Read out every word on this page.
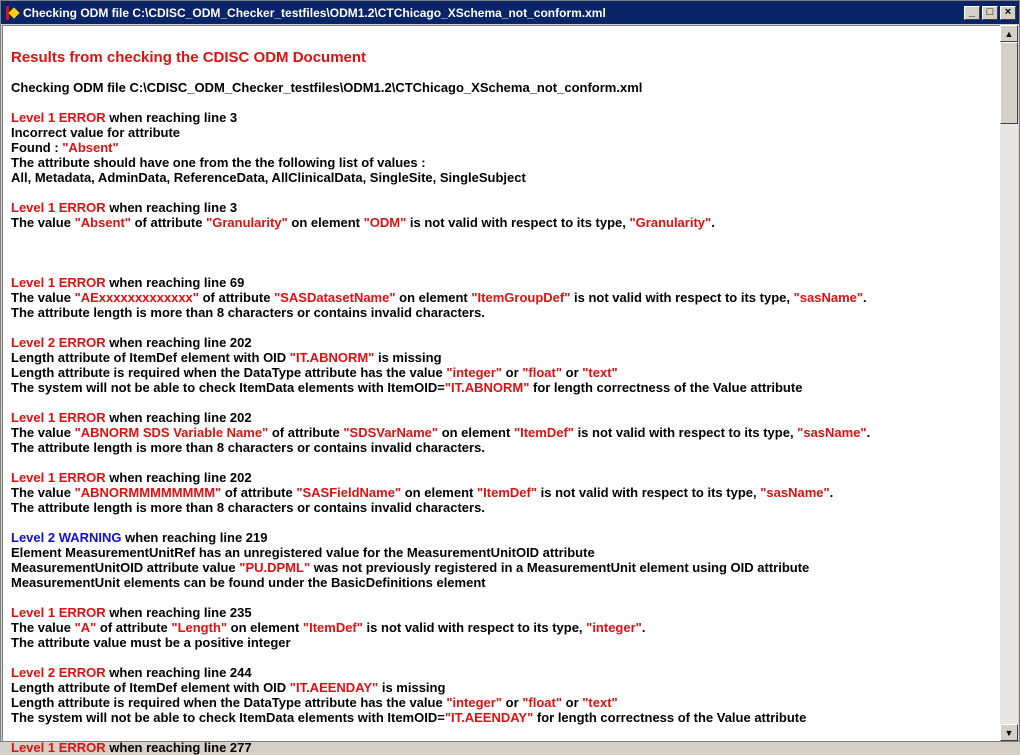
Checking ODM file C:\CDISC_ODM_Checker_testfiles\ODM1.2\CTChicago_XSchema_not_conform.xml	_	□	×
Results from checking the CDISC ODM Document
Checking ODM file C:\CDISC_ODM_Checker_testfiles\ODM1.2\CTChicago_XSchema_not_conform.xml
Level 1 ERROR when reaching line 3
Incorrect value for attribute
Found : "Absent"
The attribute should have one from the the following list of values :
All, Metadata, AdminData, ReferenceData, AllClinicalData, SingleSite, SingleSubject
Level 1 ERROR when reaching line 3
The value "Absent" of attribute "Granularity" on element "ODM" is not valid with respect to its type, "Granularity".
Level 1 ERROR when reaching line 69
The value "AExxxxxxxxxxxxx" of attribute "SASDatasetName" on element "ItemGroupDef" is not valid with respect to its type, "sasName".
The attribute length is more than 8 characters or contains invalid characters.
Level 2 ERROR when reaching line 202
Length attribute of ItemDef element with OID "IT.ABNORM" is missing
Length attribute is required when the DataType attribute has the value "integer" or "float" or "text"
The system will not be able to check ItemData elements with ItemOID="IT.ABNORM" for length correctness of the Value attribute
Level 1 ERROR when reaching line 202
The value "ABNORM SDS Variable Name" of attribute "SDSVarName" on element "ItemDef" is not valid with respect to its type, "sasName".
The attribute length is more than 8 characters or contains invalid characters.
Level 1 ERROR when reaching line 202
The value "ABNORMMMMMMMM" of attribute "SASFieldName" on element "ItemDef" is not valid with respect to its type, "sasName".
The attribute length is more than 8 characters or contains invalid characters.
Level 2 WARNING when reaching line 219
Element MeasurementUnitRef has an unregistered value for the MeasurementUnitOID attribute
MeasurementUnitOID attribute value "PU.DPML" was not previously registered in a MeasurementUnit element using OID attribute
MeasurementUnit elements can be found under the BasicDefinitions element
Level 1 ERROR when reaching line 235
The value "A" of attribute "Length" on element "ItemDef" is not valid with respect to its type, "integer".
The attribute value must be a positive integer
Level 2 ERROR when reaching line 244
Length attribute of ItemDef element with OID "IT.AEENDAY" is missing
Length attribute is required when the DataType attribute has the value "integer" or "float" or "text"
The system will not be able to check ItemData elements with ItemOID="IT.AEENDAY" for length correctness of the Value attribute
Level 1 ERROR when reaching line 277
▲
▼
